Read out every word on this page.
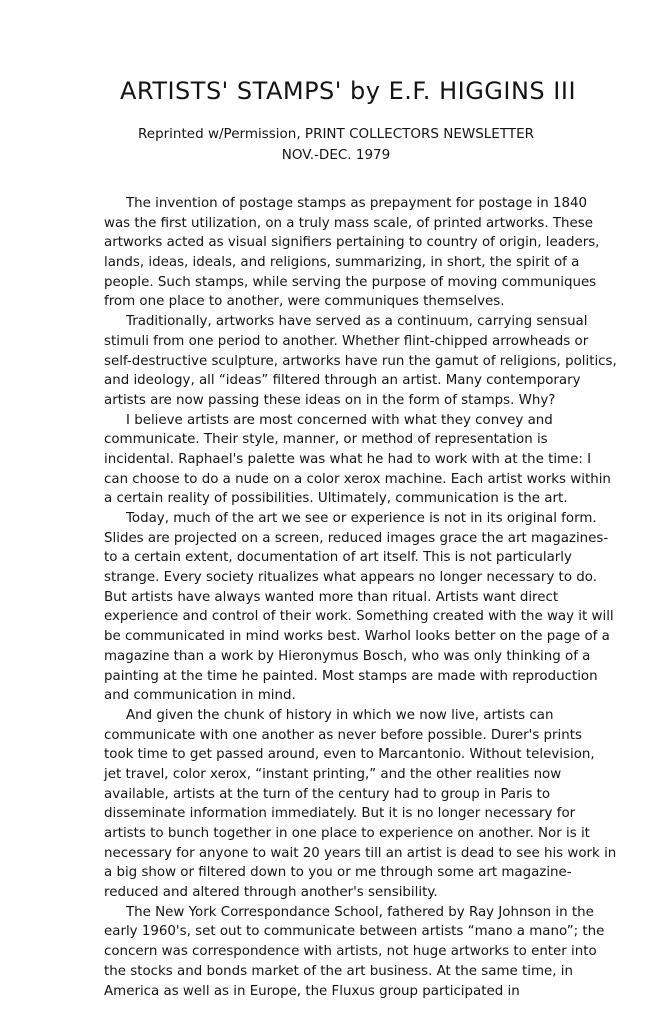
ARTISTS' STAMPS' by E.F. HIGGINS III
Reprinted w/Permission, PRINT COLLECTORS NEWSLETTER
NOV.-DEC. 1979
The invention of postage stamps as prepayment for postage in 1840
was the first utilization, on a truly mass scale, of printed artworks. These
artworks acted as visual signifiers pertaining to country of origin, leaders,
lands, ideas, ideals, and religions, summarizing, in short, the spirit of a
people. Such stamps, while serving the purpose of moving communiques
from one place to another, were communiques themselves.
Traditionally, artworks have served as a continuum, carrying sensual
stimuli from one period to another. Whether flint-chipped arrowheads or
self-destructive sculpture, artworks have run the gamut of religions, politics,
and ideology, all “ideas” filtered through an artist. Many contemporary
artists are now passing these ideas on in the form of stamps. Why?
I believe artists are most concerned with what they convey and
communicate. Their style, manner, or method of representation is
incidental. Raphael's palette was what he had to work with at the time: I
can choose to do a nude on a color xerox machine. Each artist works within
a certain reality of possibilities. Ultimately, communication is the art.
Today, much of the art we see or experience is not in its original form.
Slides are projected on a screen, reduced images grace the art magazines-
to a certain extent, documentation of art itself. This is not particularly
strange. Every society ritualizes what appears no longer necessary to do.
But artists have always wanted more than ritual. Artists want direct
experience and control of their work. Something created with the way it will
be communicated in mind works best. Warhol looks better on the page of a
magazine than a work by Hieronymus Bosch, who was only thinking of a
painting at the time he painted. Most stamps are made with reproduction
and communication in mind.
And given the chunk of history in which we now live, artists can
communicate with one another as never before possible. Durer's prints
took time to get passed around, even to Marcantonio. Without television,
jet travel, color xerox, “instant printing,” and the other realities now
available, artists at the turn of the century had to group in Paris to
disseminate information immediately. But it is no longer necessary for
artists to bunch together in one place to experience on another. Nor is it
necessary for anyone to wait 20 years till an artist is dead to see his work in
a big show or filtered down to you or me through some art magazine-
reduced and altered through another's sensibility.
The New York Correspondance School, fathered by Ray Johnson in the
early 1960's, set out to communicate between artists “mano a mano”; the
concern was correspondence with artists, not huge artworks to enter into
the stocks and bonds market of the art business. At the same time, in
America as well as in Europe, the Fluxus group participated in
